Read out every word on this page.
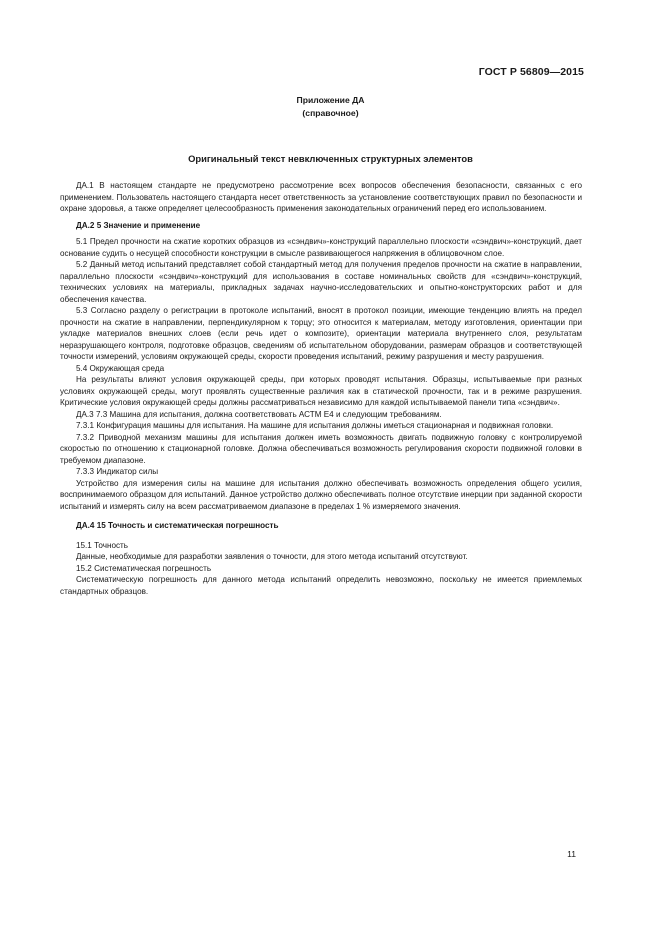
ГОСТ Р 56809—2015
Приложение ДА
(справочное)
Оригинальный текст невключенных структурных элементов

ДА.1 В настоящем стандарте не предусмотрено рассмотрение всех вопросов обеспечения безопасности, связанных с его применением. Пользователь настоящего стандарта несет ответственность за установление соответствующих правил по безопасности и охране здоровья, а также определяет целесообразность применения законодательных ограничений перед его использованием.

ДА.2 5 Значение и применение

5.1 Предел прочности на сжатие коротких образцов из «сэндвич»-конструкций параллельно плоскости «сэндвич»-конструкций, дает основание судить о несущей способности конструкции в смысле развивающегося напряжения в облицовочном слое.

5.2 Данный метод испытаний представляет собой стандартный метод для получения пределов прочности на сжатие в направлении, параллельно плоскости «сэндвич»-конструкций для использования в составе номинальных свойств для «сэндвич»-конструкций, технических условиях на материалы, прикладных задачах научно-исследовательских и опытно-конструкторских работ и для обеспечения качества.

5.3 Согласно разделу о регистрации в протоколе испытаний, вносят в протокол позиции, имеющие тенденцию влиять на предел прочности на сжатие в направлении, перпендикулярном к торцу; это относится к материалам, методу изготовления, ориентации при укладке материалов внешних слоев (если речь идет о композите), ориентации материала внутреннего слоя, результатам неразрушающего контроля, подготовке образцов, сведениям об испытательном оборудовании, размерам образцов и соответствующей точности измерений, условиям окружающей среды, скорости проведения испытаний, режиму разрушения и месту разрушения.

5.4 Окружающая среда

На результаты влияют условия окружающей среды, при которых проводят испытания. Образцы, испытываемые при разных условиях окружающей среды, могут проявлять существенные различия как в статической прочности, так и в режиме разрушения. Критические условия окружающей среды должны рассматриваться независимо для каждой испытываемой панели типа «сэндвич».

ДА.3 7.3 Машина для испытания, должна соответствовать АСТМ Е4 и следующим требованиям.

7.3.1 Конфигурация машины для испытания. На машине для испытания должны иметься стационарная и подвижная головки.

7.3.2 Приводной механизм машины для испытания должен иметь возможность двигать подвижную головку с контролируемой скоростью по отношению к стационарной головке. Должна обеспечиваться возможность регулирования скорости подвижной головки в требуемом диапазоне.

7.3.3 Индикатор силы

Устройство для измерения силы на машине для испытания должно обеспечивать возможность определения общего усилия, воспринимаемого образцом для испытаний. Данное устройство должно обеспечивать полное отсутствие инерции при заданной скорости испытаний и измерять силу на всем рассматриваемом диапазоне в пределах 1 % измеряемого значения.

ДА.4 15 Точность и систематическая погрешность

15.1 Точность

Данные, необходимые для разработки заявления о точности, для этого метода испытаний отсутствуют.

15.2 Систематическая погрешность

Систематическую погрешность для данного метода испытаний определить невозможно, поскольку не имеется приемлемых стандартных образцов.

11
